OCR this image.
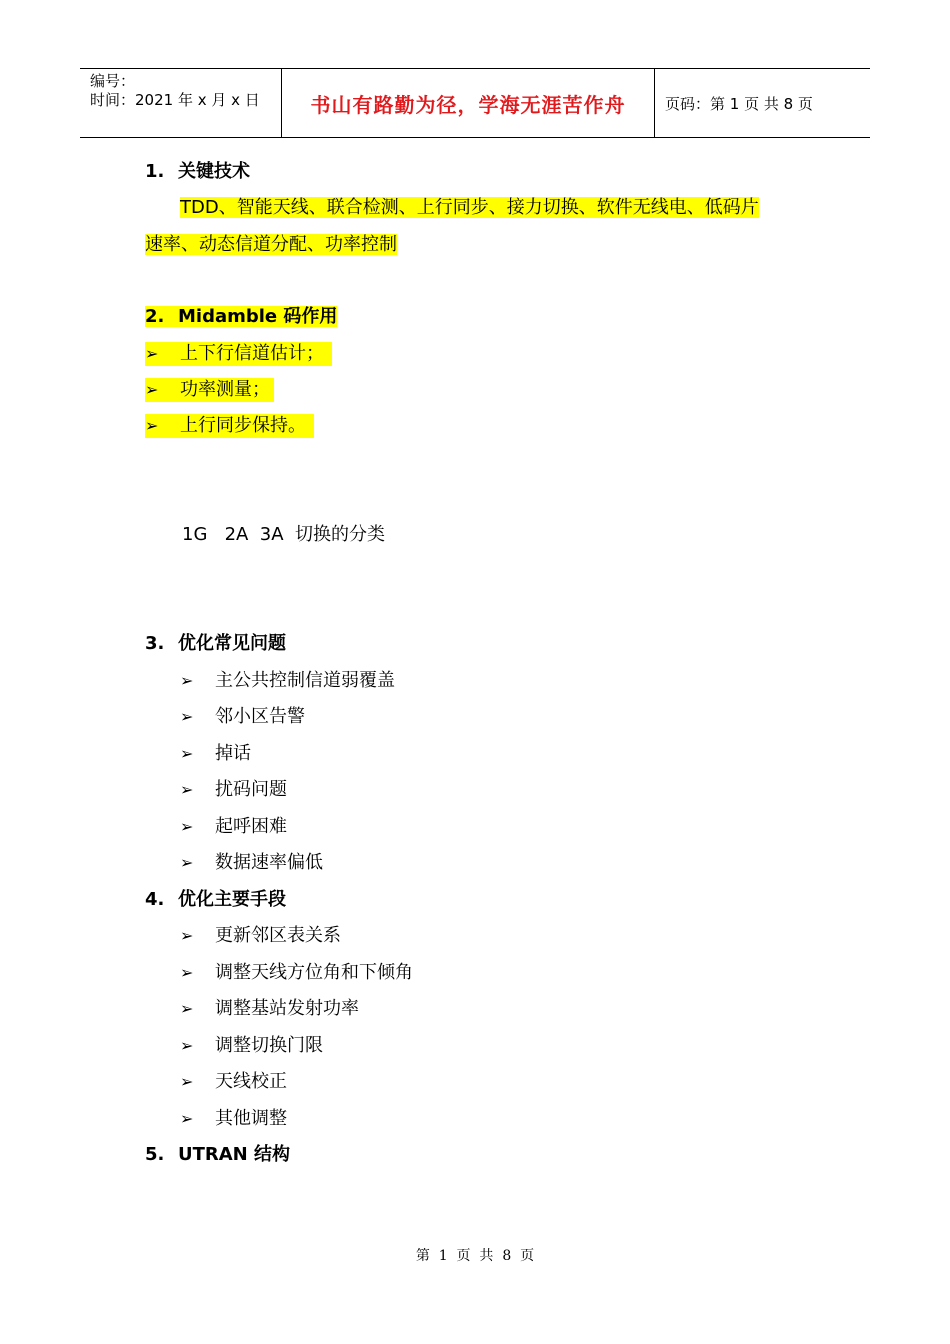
编号：
时间：2021 年 x 月 x 日	书山有路勤为径，学海无涯苦作舟	页码：第 1 页 共 8 页
1. 关键技术
TDD、智能天线、联合检测、上行同步、接力切换、软件无线电、低码片
速率、动态信道分配、功率控制
2. Midamble 码作用
➢ 上下行信道估计；
➢ 功率测量；
➢ 上行同步保持。
1G   2A  3A  切换的分类
3. 优化常见问题
➢ 主公共控制信道弱覆盖
➢ 邻小区告警
➢ 掉话
➢ 扰码问题
➢ 起呼困难
➢ 数据速率偏低
4. 优化主要手段
➢ 更新邻区表关系
➢ 调整天线方位角和下倾角
➢ 调整基站发射功率
➢ 调整切换门限
➢ 天线校正
➢ 其他调整
5. UTRAN 结构
第  1  页  共  8  页
